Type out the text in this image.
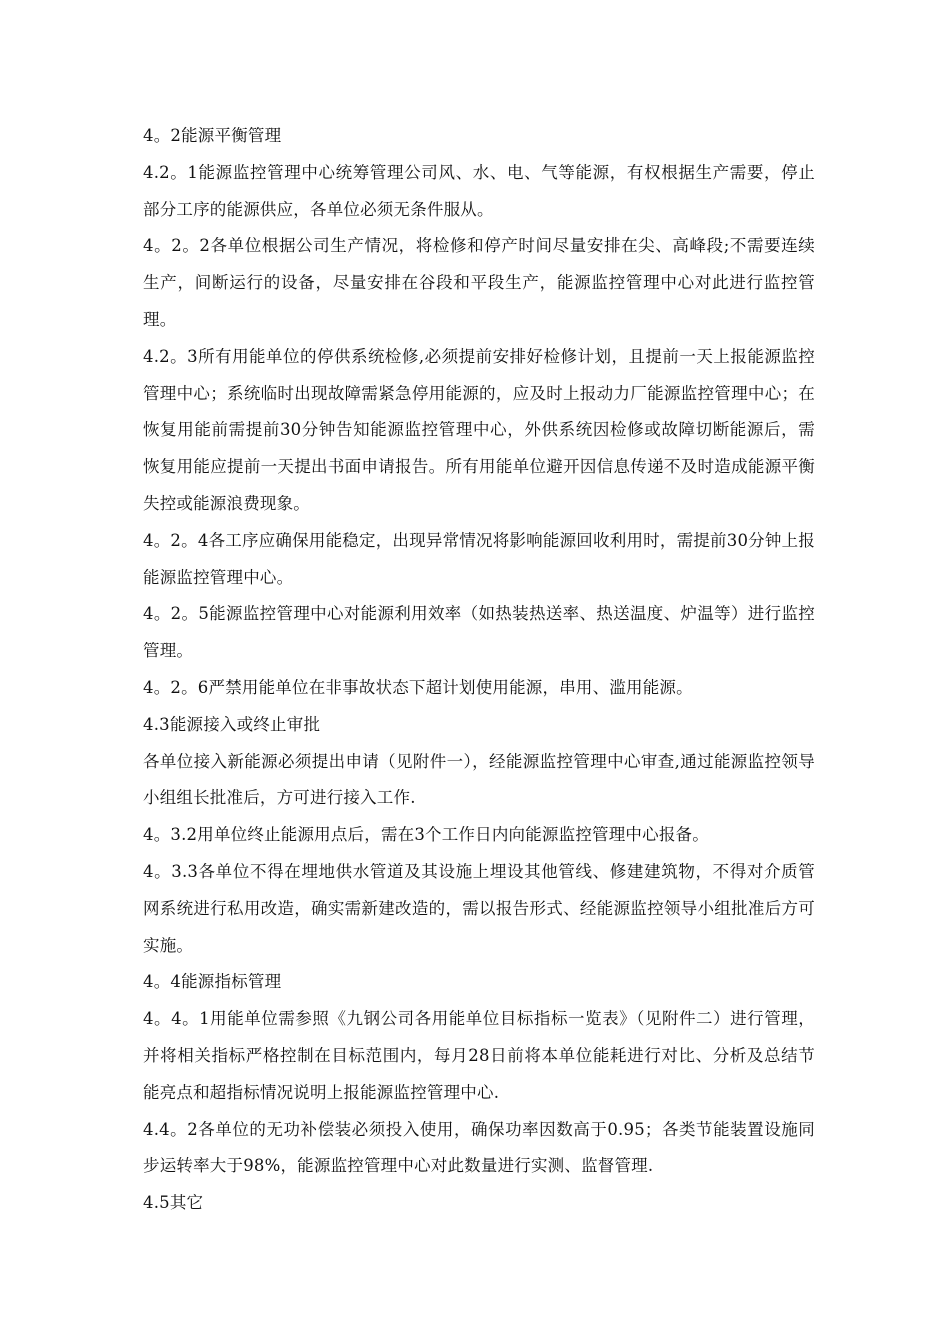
4。2能源平衡管理

4.2。1能源监控管理中心统筹管理公司风、水、电、气等能源，有权根据生产需要，停止部分工序的能源供应，各单位必须无条件服从。

4。2。2各单位根据公司生产情况，将检修和停产时间尽量安排在尖、高峰段;不需要连续生产，间断运行的设备，尽量安排在谷段和平段生产，能源监控管理中心对此进行监控管理。

4.2。3所有用能单位的停供系统检修,必须提前安排好检修计划，且提前一天上报能源监控管理中心；系统临时出现故障需紧急停用能源的，应及时上报动力厂能源监控管理中心；在恢复用能前需提前30分钟告知能源监控管理中心，外供系统因检修或故障切断能源后，需恢复用能应提前一天提出书面申请报告。所有用能单位避开因信息传递不及时造成能源平衡失控或能源浪费现象。

4。2。4各工序应确保用能稳定，出现异常情况将影响能源回收利用时，需提前30分钟上报能源监控管理中心。

4。2。5能源监控管理中心对能源利用效率（如热装热送率、热送温度、炉温等）进行监控管理。

4。2。6严禁用能单位在非事故状态下超计划使用能源，串用、滥用能源。

4.3能源接入或终止审批

各单位接入新能源必须提出申请（见附件一），经能源监控管理中心审查,通过能源监控领导小组组长批准后，方可进行接入工作.

4。3.2用单位终止能源用点后，需在3个工作日内向能源监控管理中心报备。

4。3.3各单位不得在埋地供水管道及其设施上埋设其他管线、修建建筑物，不得对介质管网系统进行私用改造，确实需新建改造的，需以报告形式、经能源监控领导小组批准后方可实施。

4。4能源指标管理

4。4。1用能单位需参照《九钢公司各用能单位目标指标一览表》（见附件二）进行管理，并将相关指标严格控制在目标范围内，每月28日前将本单位能耗进行对比、分析及总结节能亮点和超指标情况说明上报能源监控管理中心.

4.4。2各单位的无功补偿装必须投入使用，确保功率因数高于0.95；各类节能装置设施同步运转率大于98%，能源监控管理中心对此数量进行实测、监督管理.

4.5其它
